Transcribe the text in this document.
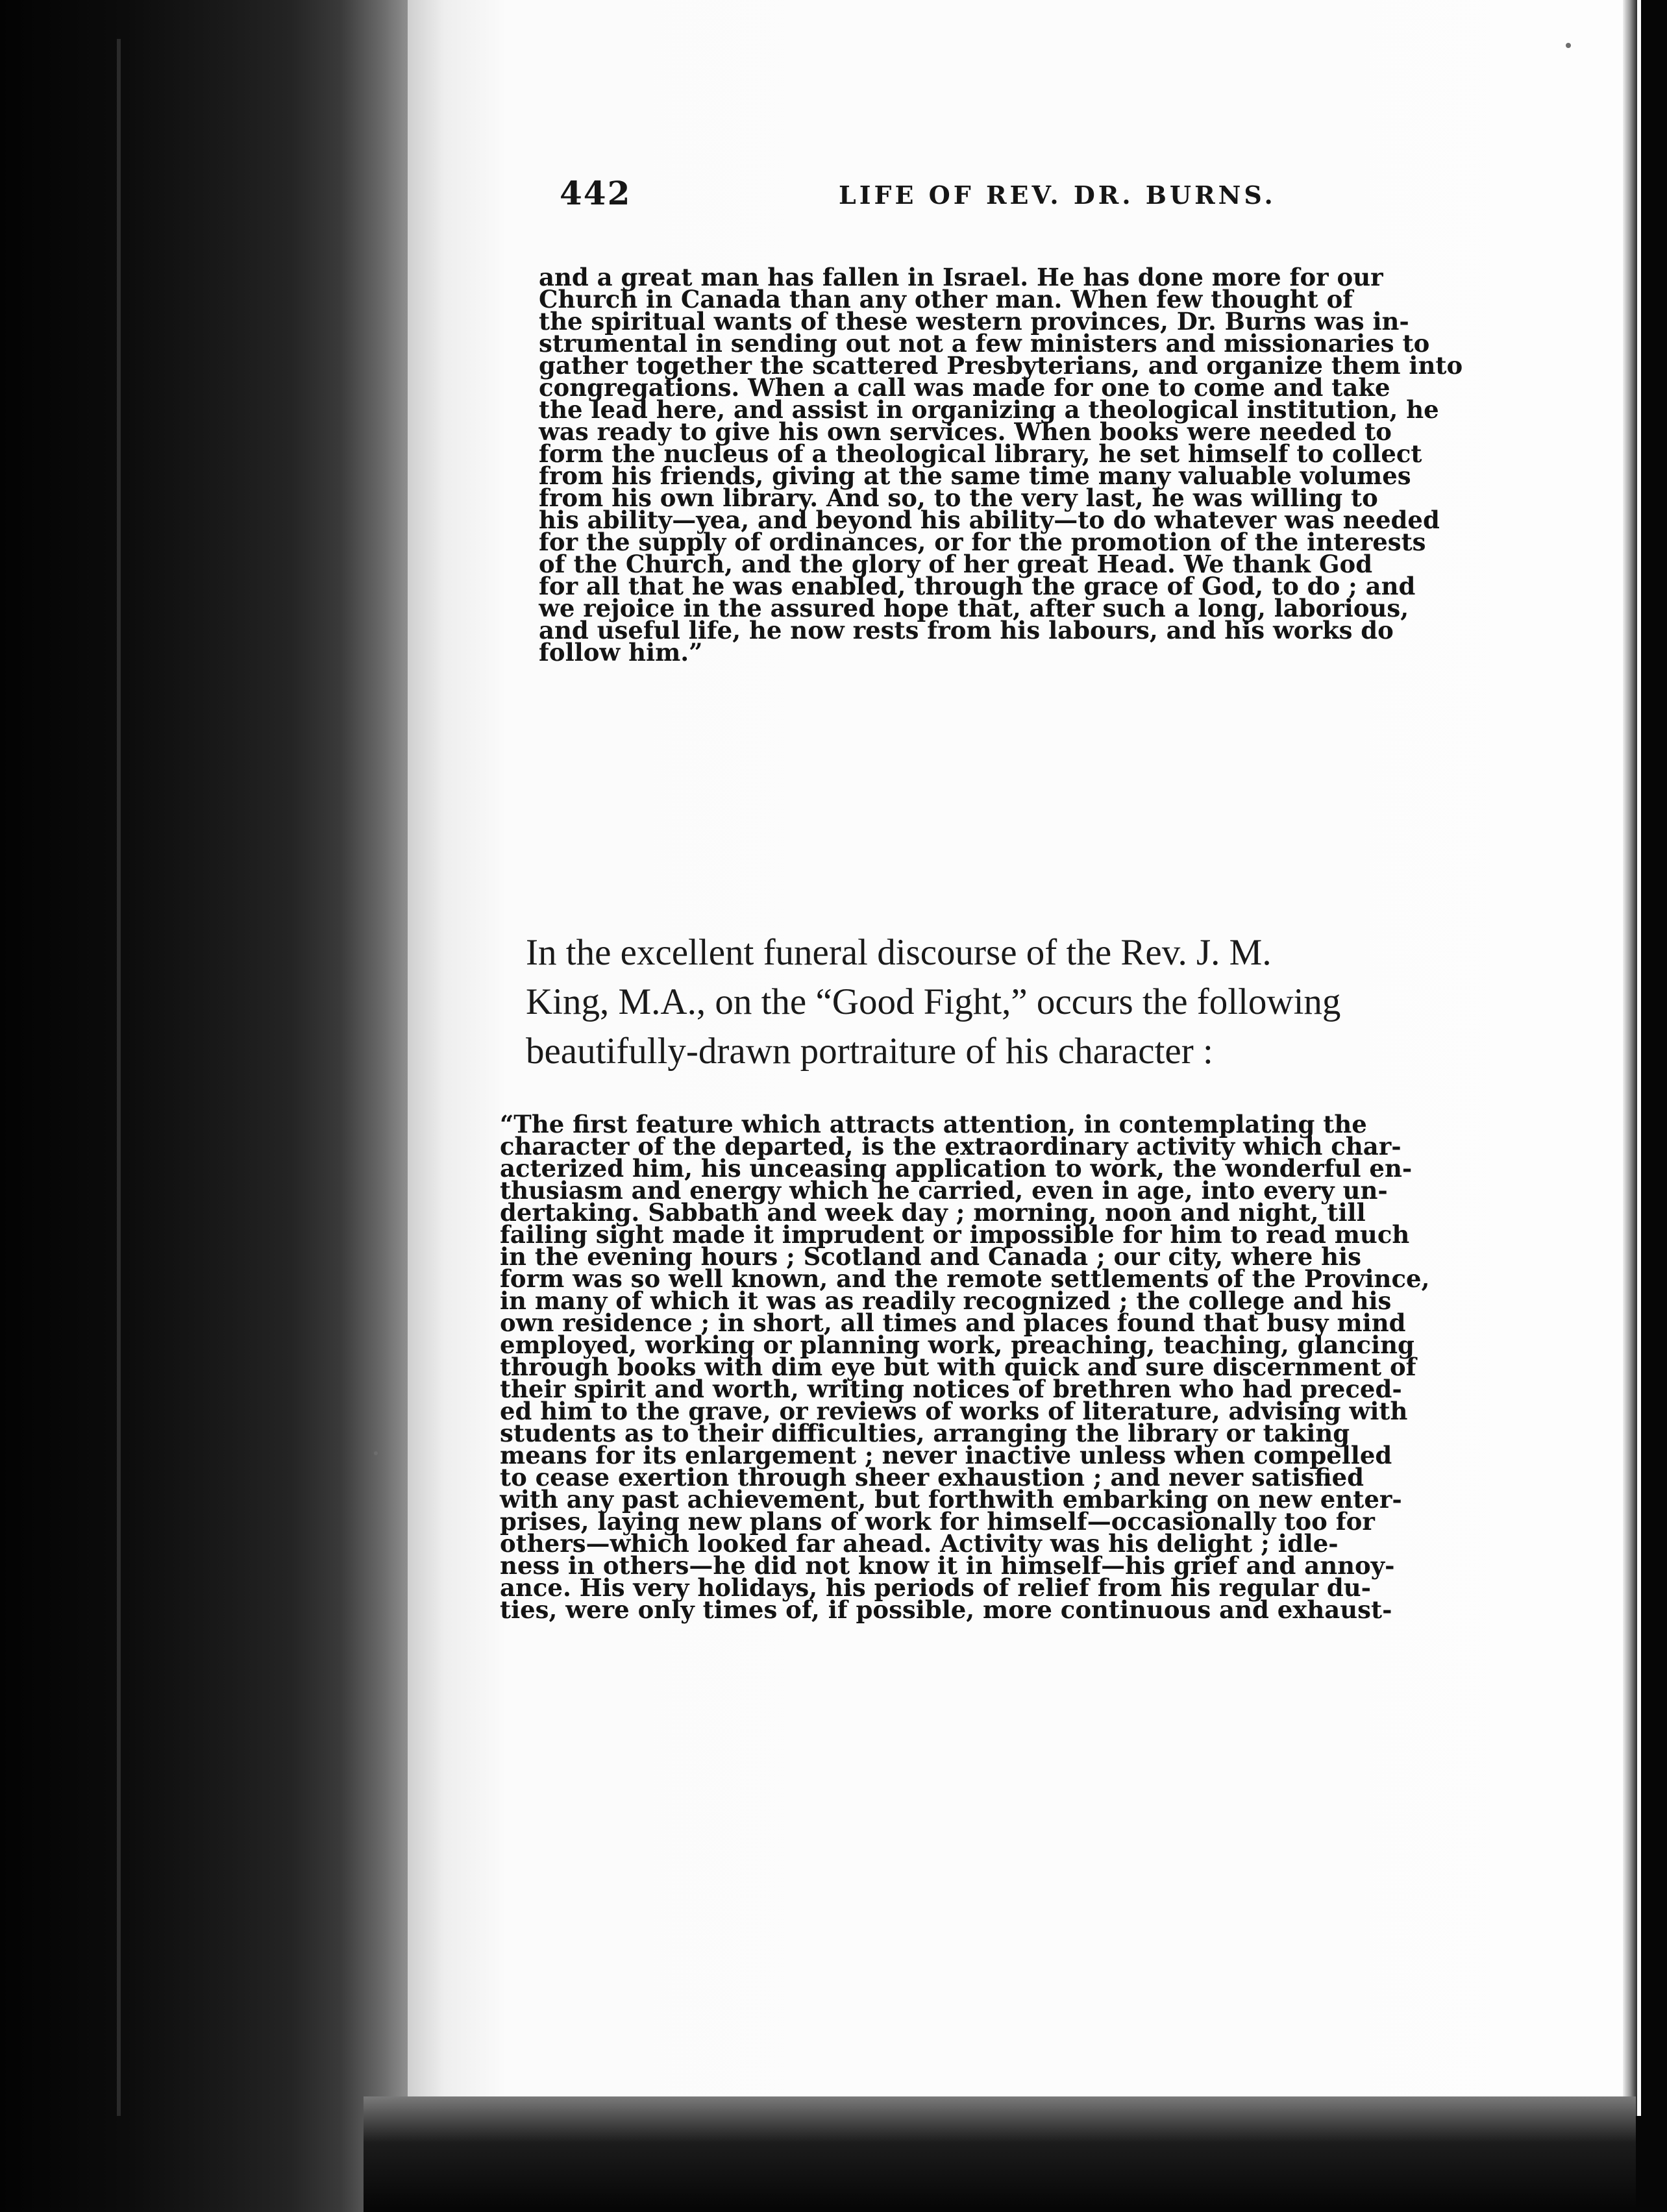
442	LIFE OF REV. DR. BURNS.
and a great man has fallen in Israel. He has done more for our
Church in Canada than any other man. When few thought of
the spiritual wants of these western provinces, Dr. Burns was in-
strumental in sending out not a few ministers and missionaries to
gather together the scattered Presbyterians, and organize them into
congregations. When a call was made for one to come and take
the lead here, and assist in organizing a theological institution, he
was ready to give his own services. When books were needed to
form the nucleus of a theological library, he set himself to collect
from his friends, giving at the same time many valuable volumes
from his own library. And so, to the very last, he was willing to
his ability—yea, and beyond his ability—to do whatever was needed
for the supply of ordinances, or for the promotion of the interests
of the Church, and the glory of her great Head. We thank God
for all that he was enabled, through the grace of God, to do ; and
we rejoice in the assured hope that, after such a long, laborious,
and useful life, he now rests from his labours, and his works do
follow him.”
In the excellent funeral discourse of the Rev. J. M.
King, M.A., on the “Good Fight,” occurs the following
beautifully-drawn portraiture of his character :
“The first feature which attracts attention, in contemplating the
character of the departed, is the extraordinary activity which char-
acterized him, his unceasing application to work, the wonderful en-
thusiasm and energy which he carried, even in age, into every un-
dertaking. Sabbath and week day ; morning, noon and night, till
failing sight made it imprudent or impossible for him to read much
in the evening hours ; Scotland and Canada ; our city, where his
form was so well known, and the remote settlements of the Province,
in many of which it was as readily recognized ; the college and his
own residence ; in short, all times and places found that busy mind
employed, working or planning work, preaching, teaching, glancing
through books with dim eye but with quick and sure discernment of
their spirit and worth, writing notices of brethren who had preced-
ed him to the grave, or reviews of works of literature, advising with
students as to their difficulties, arranging the library or taking
means for its enlargement ; never inactive unless when compelled
to cease exertion through sheer exhaustion ; and never satisfied
with any past achievement, but forthwith embarking on new enter-
prises, laying new plans of work for himself—occasionally too for
others—which looked far ahead. Activity was his delight ; idle-
ness in others—he did not know it in himself—his grief and annoy-
ance. His very holidays, his periods of relief from his regular du-
ties, were only times of, if possible, more continuous and exhaust-
